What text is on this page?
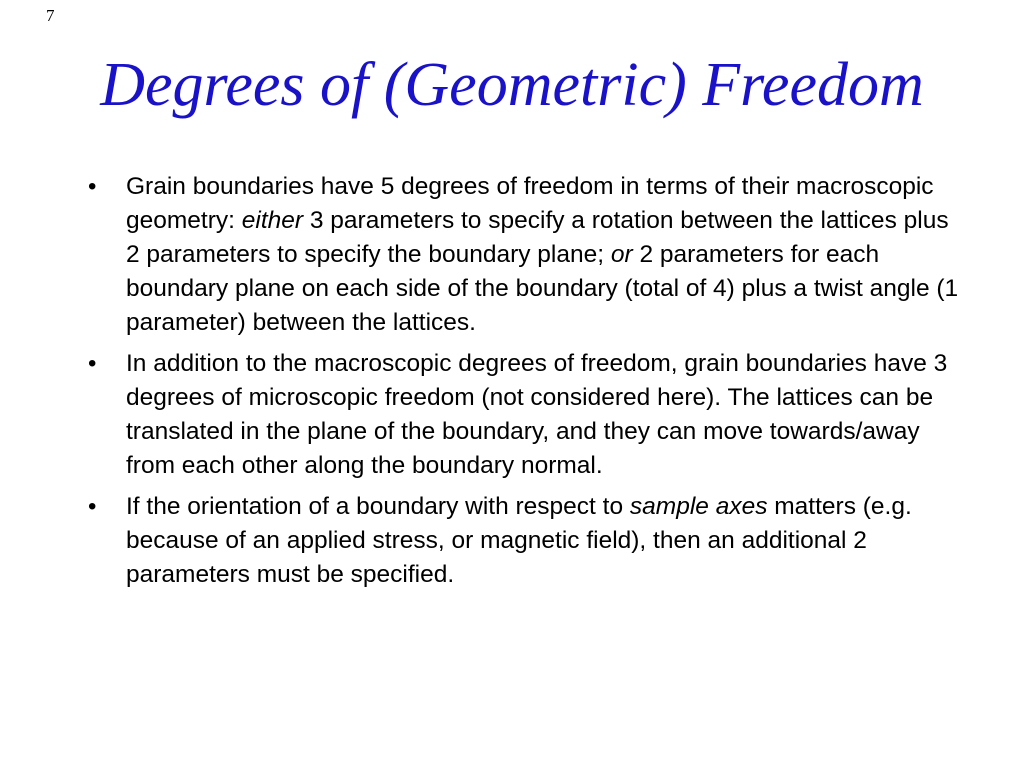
7
Degrees of (Geometric) Freedom
•	Grain boundaries have 5 degrees of freedom in terms of their macroscopic geometry: either 3 parameters to specify a rotation between the lattices plus 2 parameters to specify the boundary plane; or 2 parameters for each boundary plane on each side of the boundary (total of 4) plus a twist angle (1 parameter) between the lattices.
•	In addition to the macroscopic degrees of freedom, grain boundaries have 3 degrees of microscopic freedom (not considered here). The lattices can be translated in the plane of the boundary, and they can move towards/away from each other along the boundary normal.
•	If the orientation of a boundary with respect to sample axes matters (e.g. because of an applied stress, or magnetic field), then an additional 2 parameters must be specified.
